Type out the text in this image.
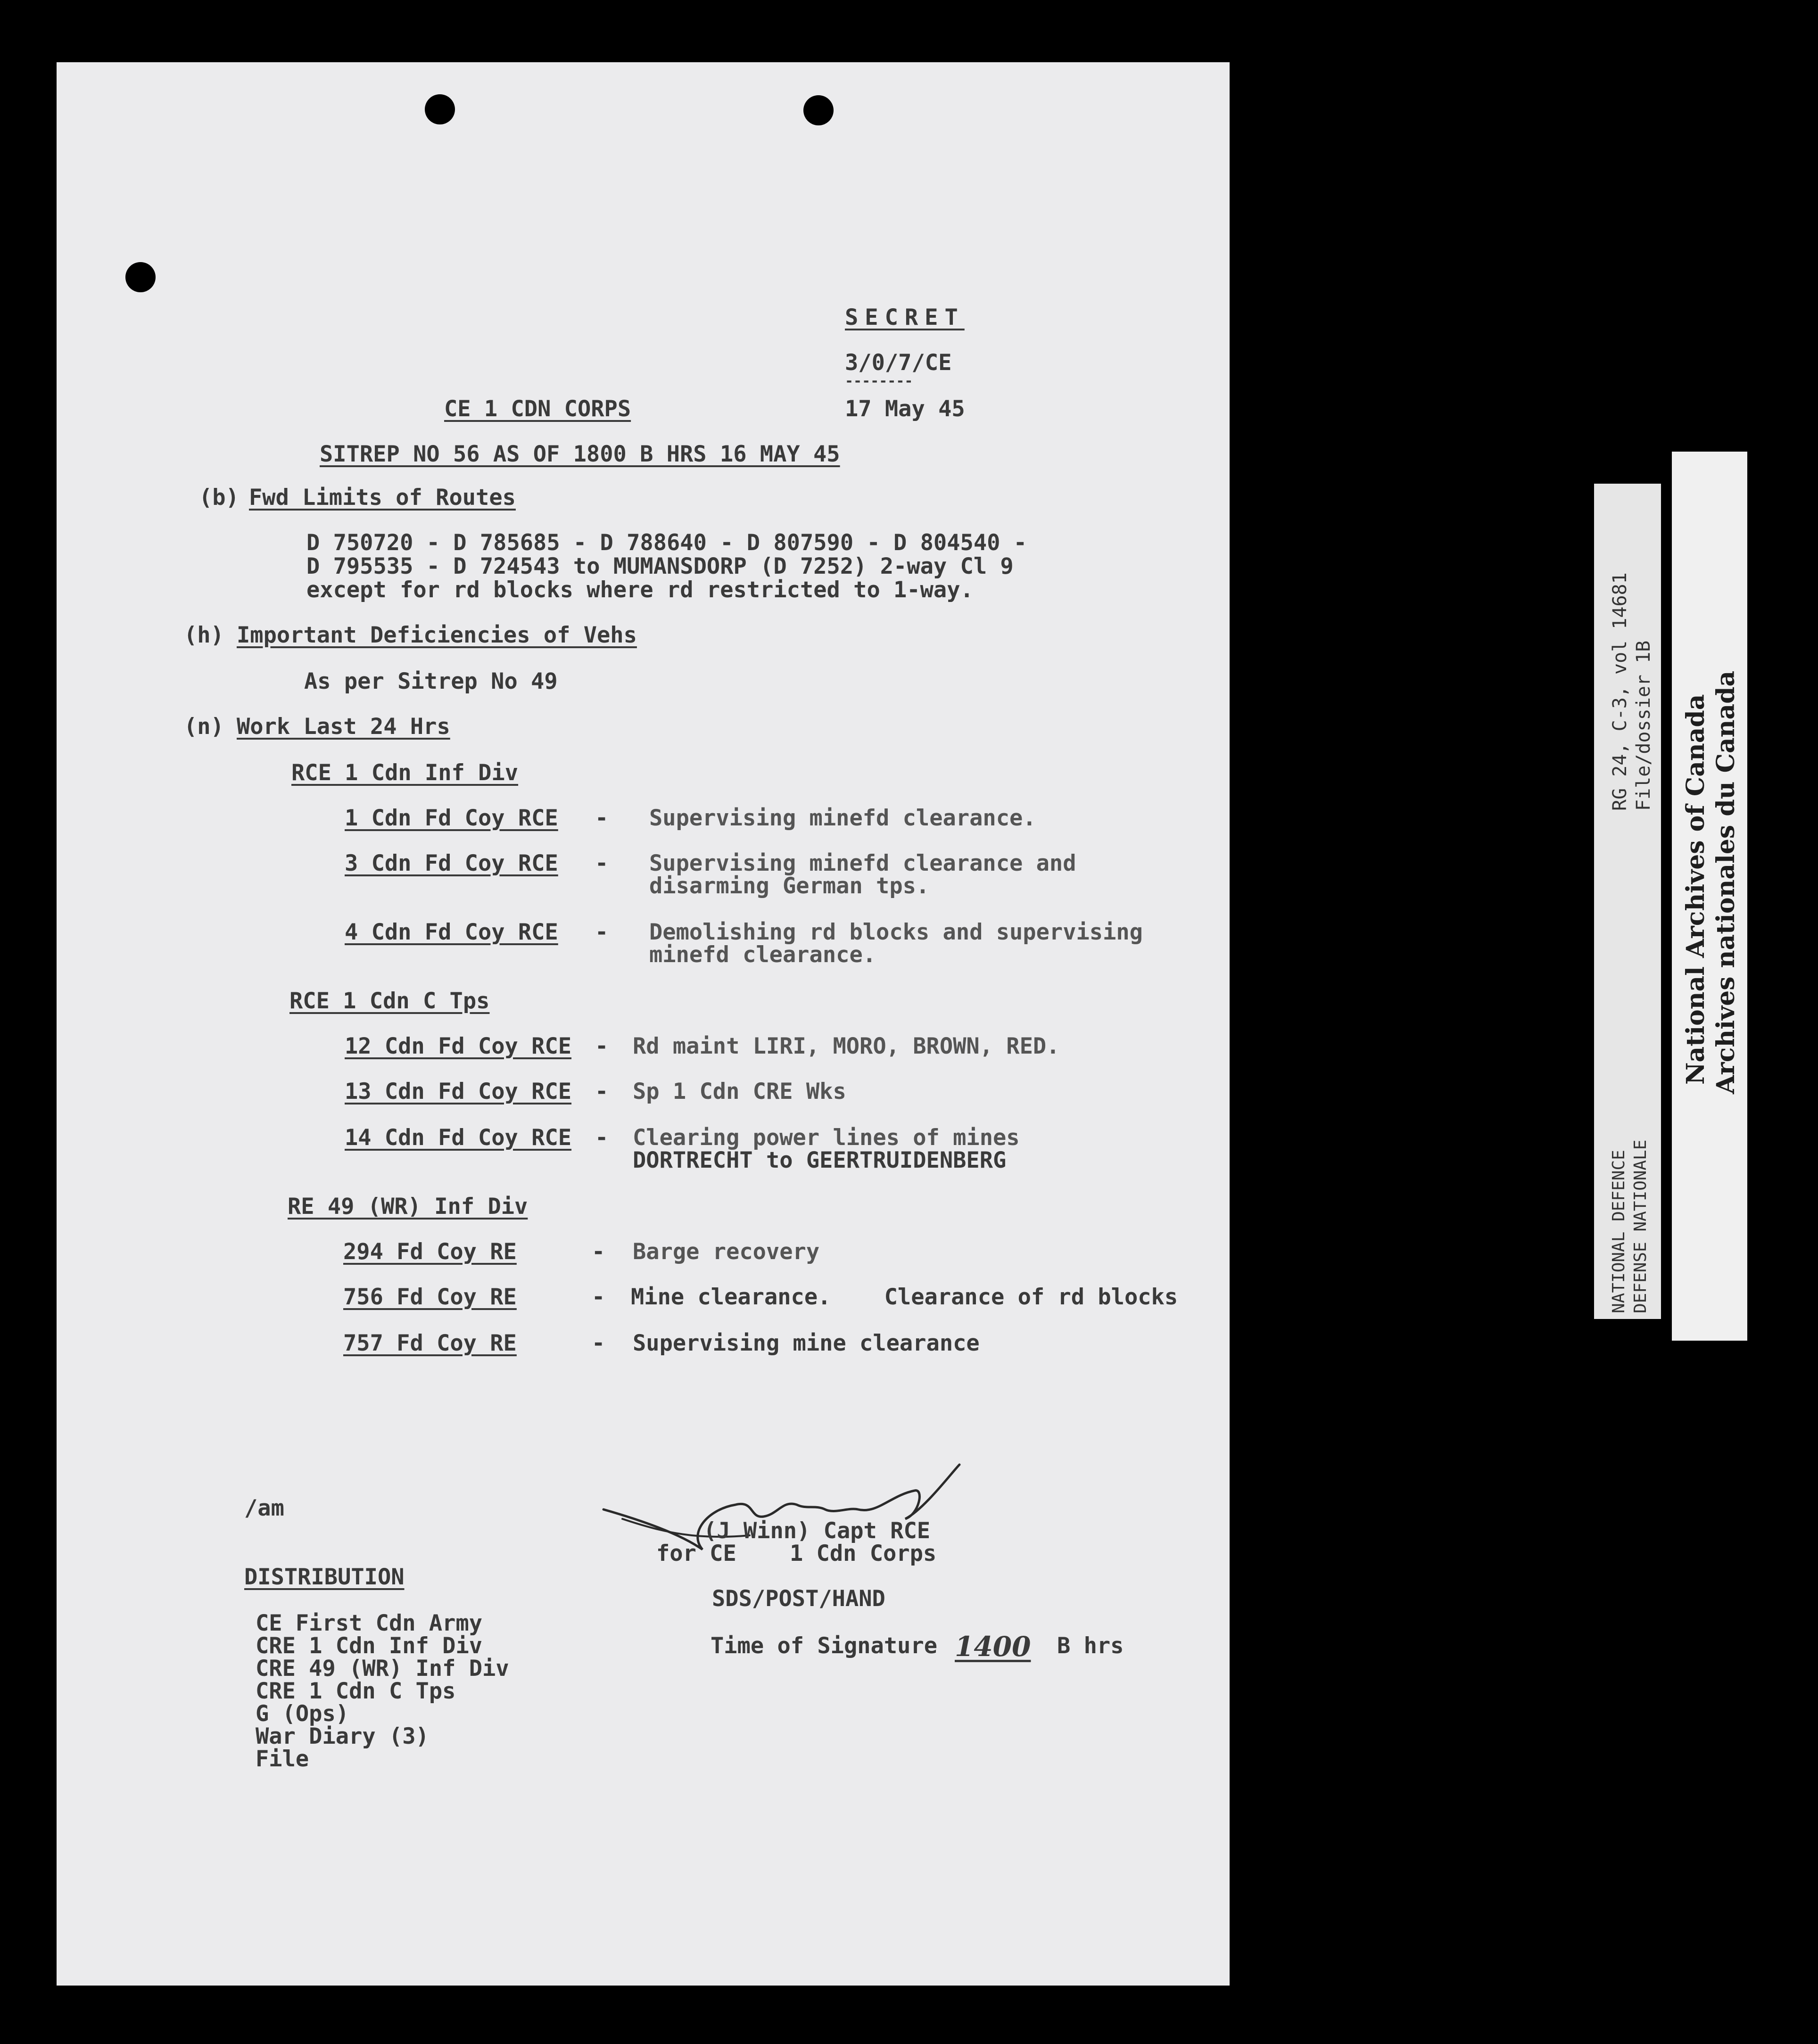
SECRET
3/0/7/CE
--------
17 May 45
CE 1 CDN CORPS
SITREP NO 56 AS OF 1800 B HRS 16 MAY 45
(b) Fwd Limits of Routes
D 750720 - D 785685 - D 788640 - D 807590 - D 804540 -
D 795535 - D 724543 to MUMANSDORP (D 7252) 2-way Cl 9
except for rd blocks where rd restricted to 1-way.
(h) Important Deficiencies of Vehs
As per Sitrep No 49
(n) Work Last 24 Hrs
RCE 1 Cdn Inf Div
1 Cdn Fd Coy RCE - Supervising minefd clearance.
3 Cdn Fd Coy RCE - Supervising minefd clearance and
disarming German tps.
4 Cdn Fd Coy RCE - Demolishing rd blocks and supervising
minefd clearance.
RCE 1 Cdn C Tps
12 Cdn Fd Coy RCE - Rd maint LIRI, MORO, BROWN, RED.
13 Cdn Fd Coy RCE - Sp 1 Cdn CRE Wks
14 Cdn Fd Coy RCE - Clearing power lines of mines
DORTRECHT to GEERTRUIDENBERG
RE 49 (WR) Inf Div
294 Fd Coy RE	- Barge recovery
756 Fd Coy RE	- Mine clearance.    Clearance of rd blocks
757 Fd Coy RE	- Supervising mine clearance
/am
(J Winn) Capt RCE
for CE    1 Cdn Corps
SDS/POST/HAND
Time of Signature 1400 B hrs
DISTRIBUTION
CE First Cdn Army
CRE 1 Cdn Inf Div
CRE 49 (WR) Inf Div
CRE 1 Cdn C Tps
G (Ops)
War Diary (3)
File
RG 24, C-3, vol 14681 File/dossier 1B
NATIONAL DEFENCE DEFENSE NATIONALE
National Archives of Canada Archives nationales du Canada
